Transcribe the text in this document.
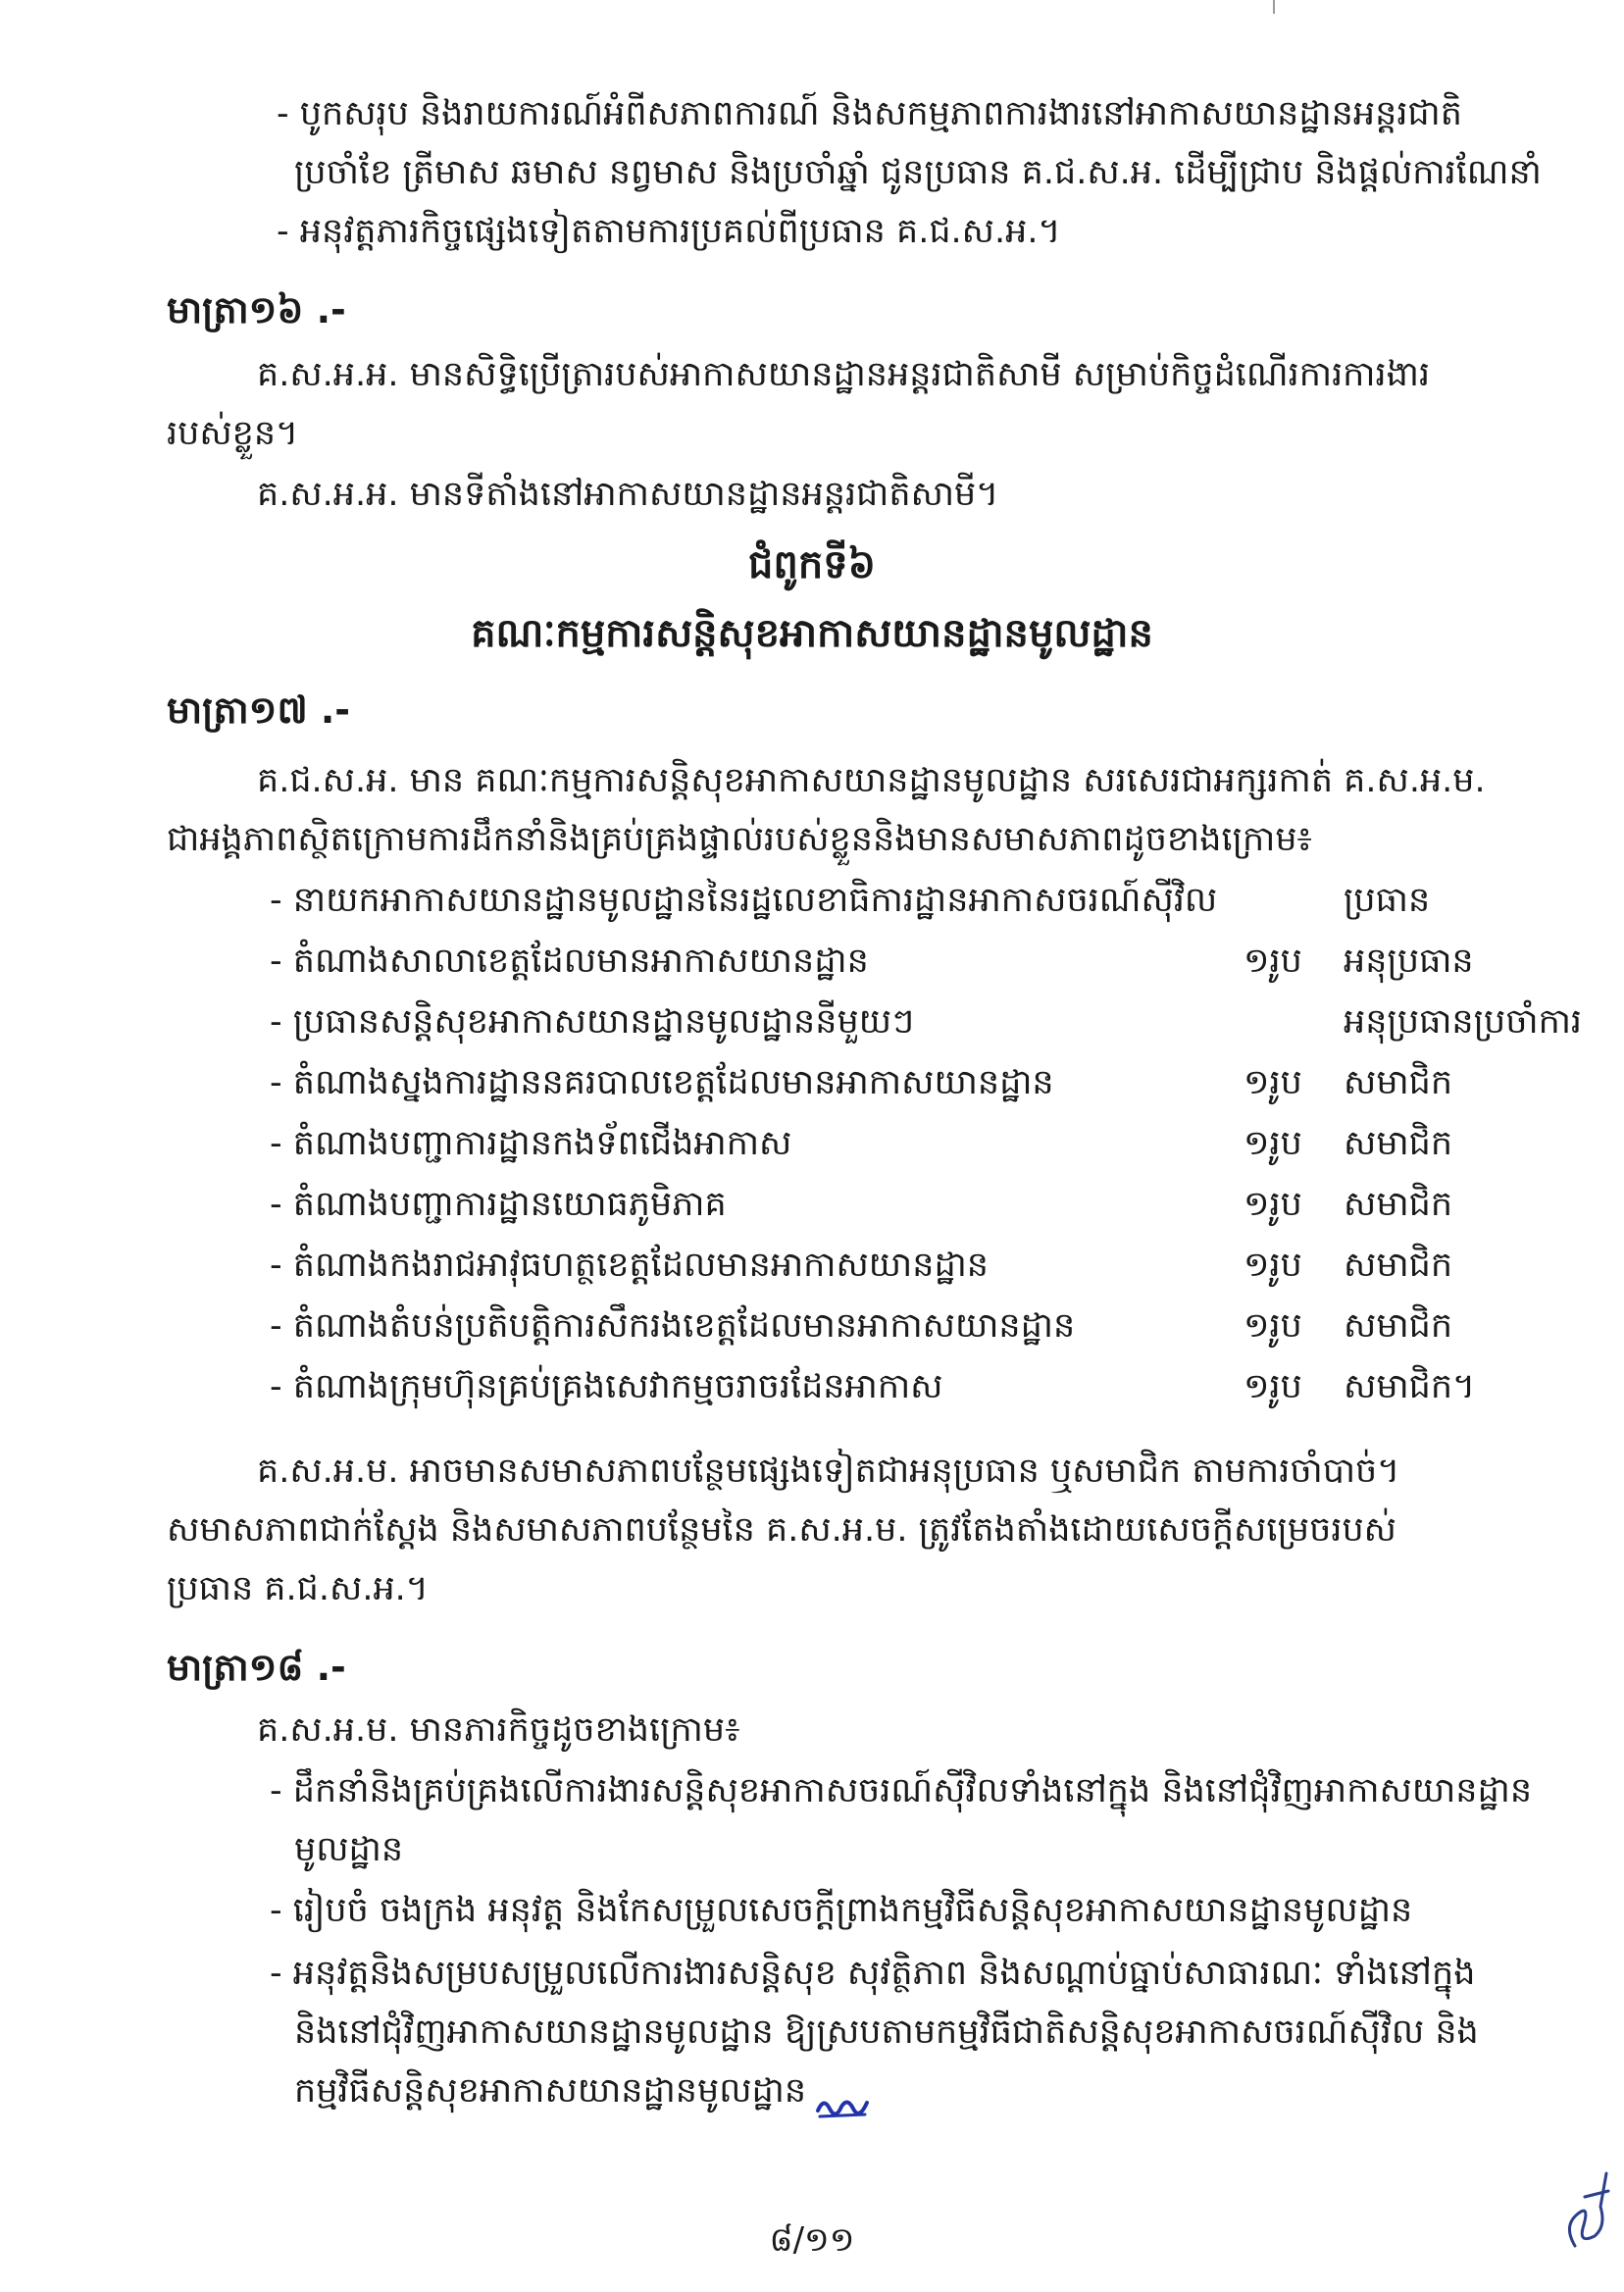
- បូកសរុប និងរាយការណ៍អំពីសភាពការណ៍ និងសកម្មភាពការងារនៅអាកាសយានដ្ឋានអន្តរជាតិ
ប្រចាំខែ ត្រីមាស ឆមាស នព្វមាស និងប្រចាំឆ្នាំ ជូនប្រធាន គ.ជ.ស.អ. ដើម្បីជ្រាប និងផ្តល់ការណែនាំ
- អនុវត្តភារកិច្ចផ្សេងទៀតតាមការប្រគល់ពីប្រធាន គ.ជ.ស.អ.។
មាត្រា១៦ .-
គ.ស.អ.អ. មានសិទ្ធិប្រើត្រារបស់អាកាសយានដ្ឋានអន្តរជាតិសាមី សម្រាប់កិច្ចដំណើរការការងារ
របស់ខ្លួន។
គ.ស.អ.អ. មានទីតាំងនៅអាកាសយានដ្ឋានអន្តរជាតិសាមី។
ជំពូកទី៦
គណៈកម្មការសន្តិសុខអាកាសយានដ្ឋានមូលដ្ឋាន
មាត្រា១៧ .-
គ.ជ.ស.អ. មាន គណៈកម្មការសន្តិសុខអាកាសយានដ្ឋានមូលដ្ឋាន សរសេរជាអក្សរកាត់ គ.ស.អ.ម.
ជាអង្គភាពស្ថិតក្រោមការដឹកនាំនិងគ្រប់គ្រងផ្ទាល់របស់ខ្លួននិងមានសមាសភាពដូចខាងក្រោម៖
- នាយកអាកាសយានដ្ឋានមូលដ្ឋាននៃរដ្ឋលេខាធិការដ្ឋានអាកាសចរណ៍ស៊ីវិល	ប្រធាន
- តំណាងសាលាខេត្តដែលមានអាកាសយានដ្ឋាន	១រូប អនុប្រធាន
- ប្រធានសន្តិសុខអាកាសយានដ្ឋានមូលដ្ឋាននីមួយៗ	អនុប្រធានប្រចាំការ
- តំណាងស្នងការដ្ឋាននគរបាលខេត្តដែលមានអាកាសយានដ្ឋាន	១រូប សមាជិក
- តំណាងបញ្ជាការដ្ឋានកងទ័ពជើងអាកាស	១រូប សមាជិក
- តំណាងបញ្ជាការដ្ឋានយោធភូមិភាគ	១រូប សមាជិក
- តំណាងកងរាជអាវុធហត្ថខេត្តដែលមានអាកាសយានដ្ឋាន	១រូប សមាជិក
- តំណាងតំបន់ប្រតិបត្តិការសឹករងខេត្តដែលមានអាកាសយានដ្ឋាន	១រូប សមាជិក
- តំណាងក្រុមហ៊ុនគ្រប់គ្រងសេវាកម្មចរាចរដែនអាកាស	១រូប សមាជិក។
គ.ស.អ.ម. អាចមានសមាសភាពបន្ថែមផ្សេងទៀតជាអនុប្រធាន ឬសមាជិក តាមការចាំបាច់។
សមាសភាពជាក់ស្តែង និងសមាសភាពបន្ថែមនៃ គ.ស.អ.ម. ត្រូវតែងតាំងដោយសេចក្តីសម្រេចរបស់
ប្រធាន គ.ជ.ស.អ.។
មាត្រា១៨ .-
គ.ស.អ.ម. មានភារកិច្ចដូចខាងក្រោម៖
- ដឹកនាំនិងគ្រប់គ្រងលើការងារសន្តិសុខអាកាសចរណ៍ស៊ីវិលទាំងនៅក្នុង និងនៅជុំវិញអាកាសយានដ្ឋាន
មូលដ្ឋាន
- រៀបចំ ចងក្រង អនុវត្ត និងកែសម្រួលសេចក្តីព្រាងកម្មវិធីសន្តិសុខអាកាសយានដ្ឋានមូលដ្ឋាន
- អនុវត្តនិងសម្របសម្រួលលើការងារសន្តិសុខ សុវត្ថិភាព និងសណ្តាប់ធ្នាប់សាធារណៈ ទាំងនៅក្នុង
និងនៅជុំវិញអាកាសយានដ្ឋានមូលដ្ឋាន ឱ្យស្របតាមកម្មវិធីជាតិសន្តិសុខអាកាសចរណ៍ស៊ីវិល និង
កម្មវិធីសន្តិសុខអាកាសយានដ្ឋានមូលដ្ឋាន
៨/១១
